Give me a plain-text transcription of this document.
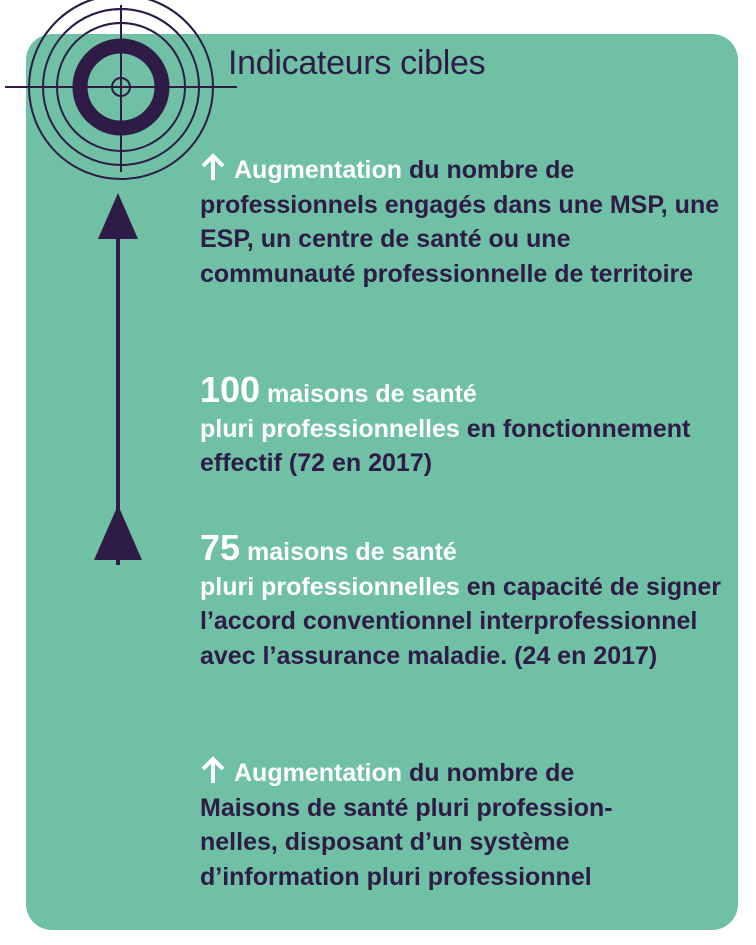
Indicateurs cibles
Augmentation du nombre de professionnels engagés dans une MSP, une ESP, un centre de santé ou une communauté professionnelle de territoire
100 maisons de santé
pluri professionnelles en fonctionnement effectif (72 en 2017)
75 maisons de santé
pluri professionnelles en capacité de signer l’accord conventionnel interprofessionnel avec l’assurance maladie. (24 en 2017)
Augmentation du nombre de
Maisons de santé pluri profession-
nelles, disposant d’un système
d’information pluri professionnel
